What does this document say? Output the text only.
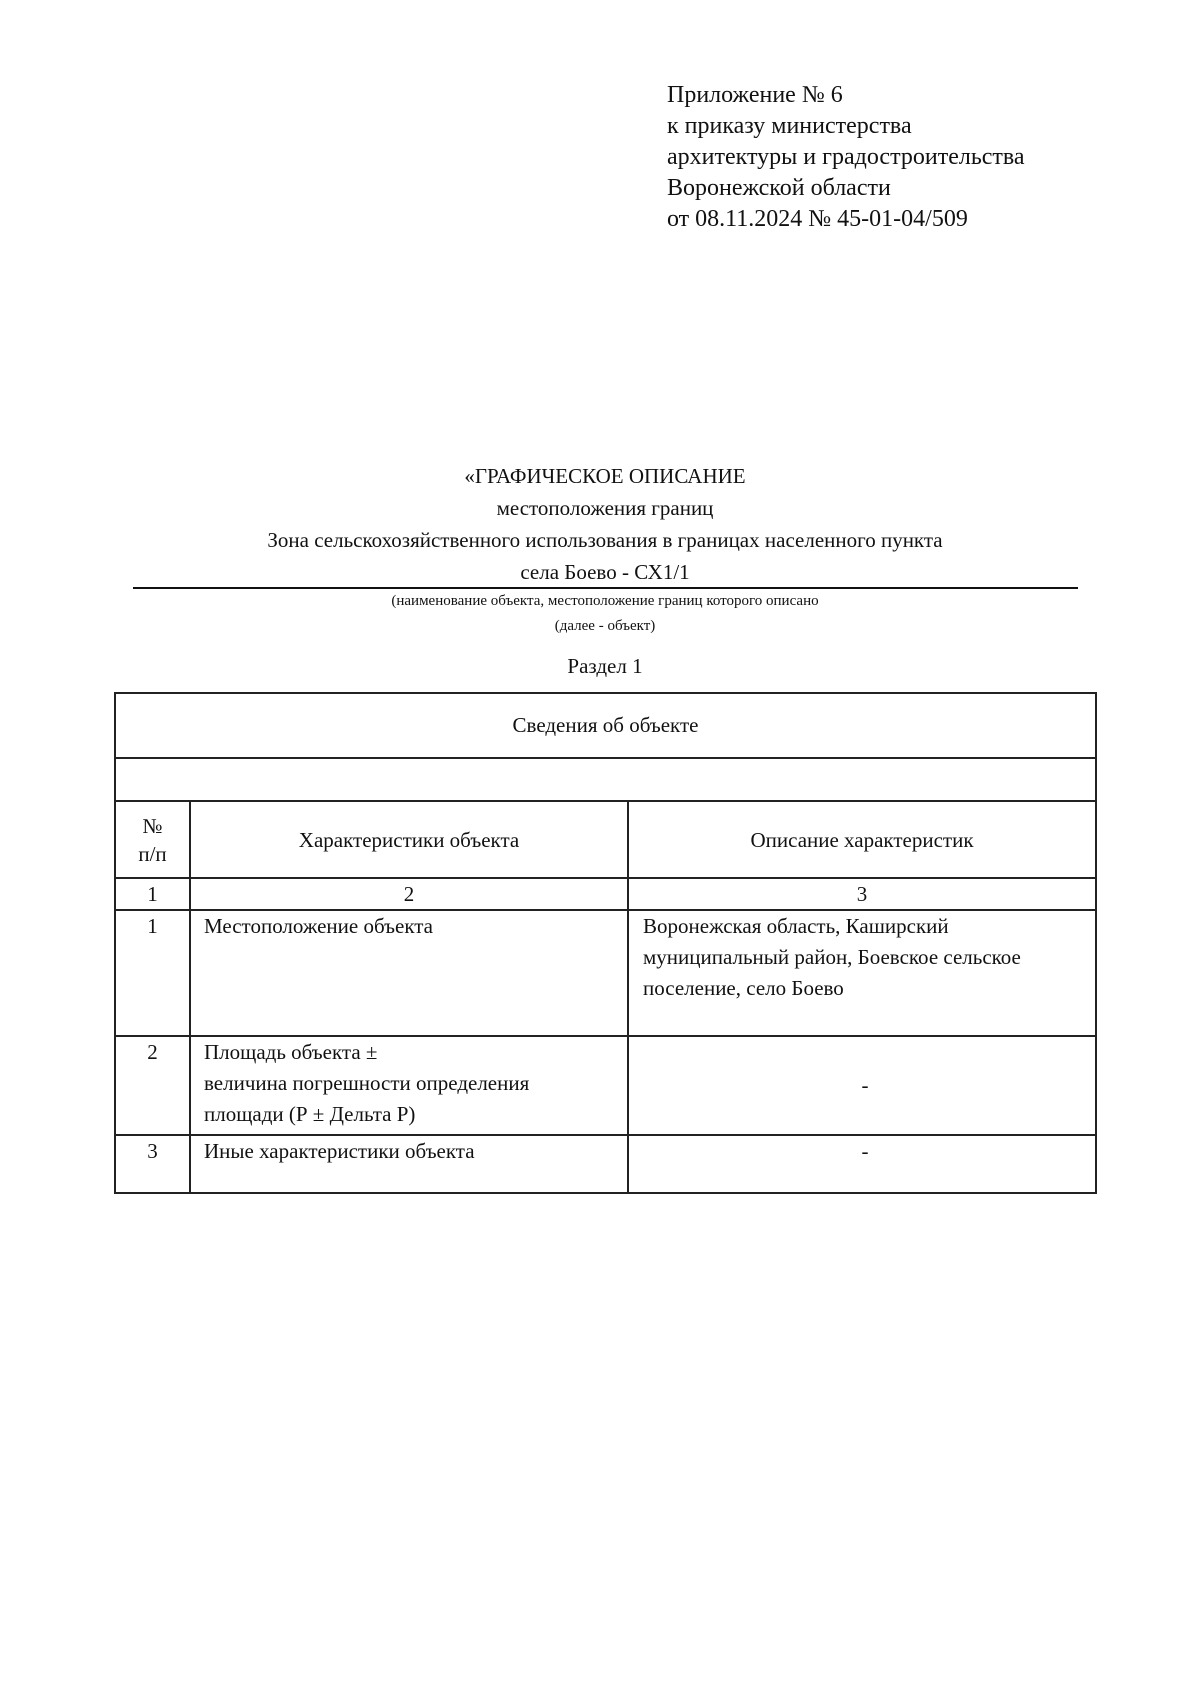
Приложение № 6
к приказу министерства
архитектуры и градостроительства
Воронежской области
от 08.11.2024 № 45-01-04/509
«ГРАФИЧЕСКОЕ ОПИСАНИЕ
местоположения границ
Зона сельскохозяйственного использования в границах населенного пункта
села Боево - СХ1/1
(наименование объекта, местоположение границ которого описано
(далее - объект)
Раздел 1
Сведения об объекте		

№
п/п	Характеристики объекта	Описание характеристик
1	2	3
1	Местоположение объекта	Воронежская область, Каширский
муниципальный район, Боевское сельское
поселение, село Боево

2	Площадь объекта ±
величина погрешности определения
площади (Р ± Дельта Р)	-

3	Иные характеристики объекта	-
